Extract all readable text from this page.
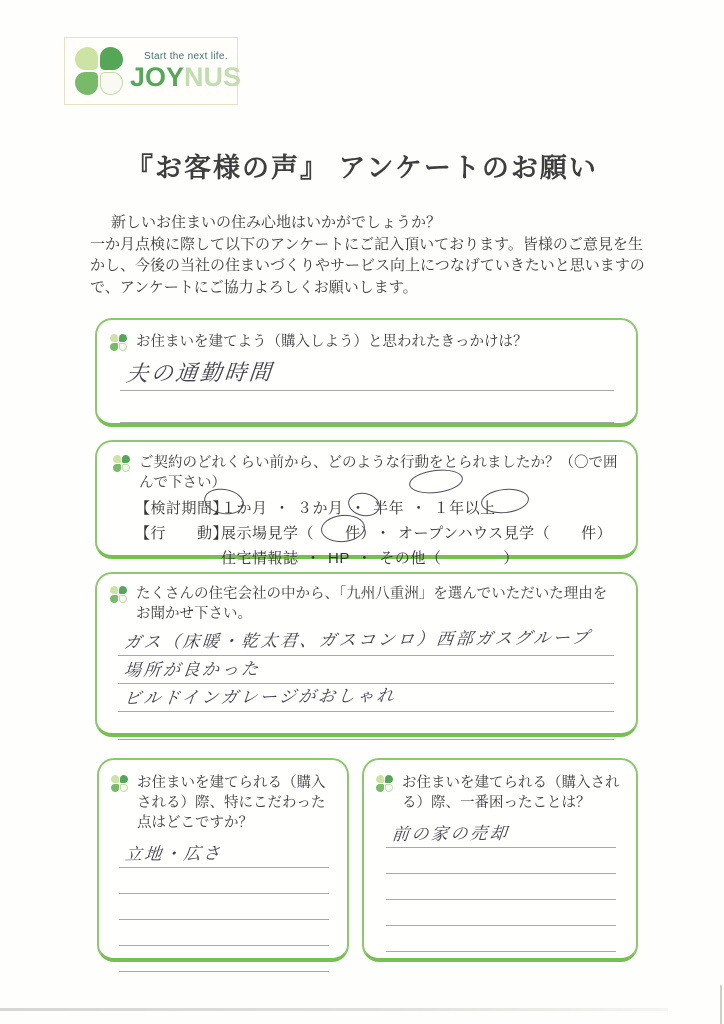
Start the next life.
JOYNUS
『お客様の声』 アンケートのお願い

新しいお住まいの住み心地はいかがでしょうか？

一か月点検に際して以下のアンケートにご記入頂いております。皆様のご意見を生かし、今後の当社の住まいづくりやサービス向上につなげていきたいと思いますので、アンケートにご協力よろしくお願いします。

お住まいを建てよう（購入しよう）と思われたきっかけは？
夫の通勤時間
ご契約のどれくらい前から、どのような行動をとられましたか？（〇で囲んで下さい）
【検討期間】１か月 ・ ３か月 ・ 半年 ・ １年以上
【行　　動】展示場見学（　　件） ・ オープンハウス見学（　　件）
住宅情報誌 ・ HP ・ その他（　　　　）
たくさんの住宅会社の中から、「九州八重洲」を選んでいただいた理由をお聞かせ下さい。
ガス（床暖・乾太君、ガスコンロ）西部ガスグループ
場所が良かった
ビルドインガレージがおしゃれ
お住まいを建てられる（購入される）際、特にこだわった点はどこですか？
立地・広さ
お住まいを建てられる（購入される）際、一番困ったことは？
前の家の売却
